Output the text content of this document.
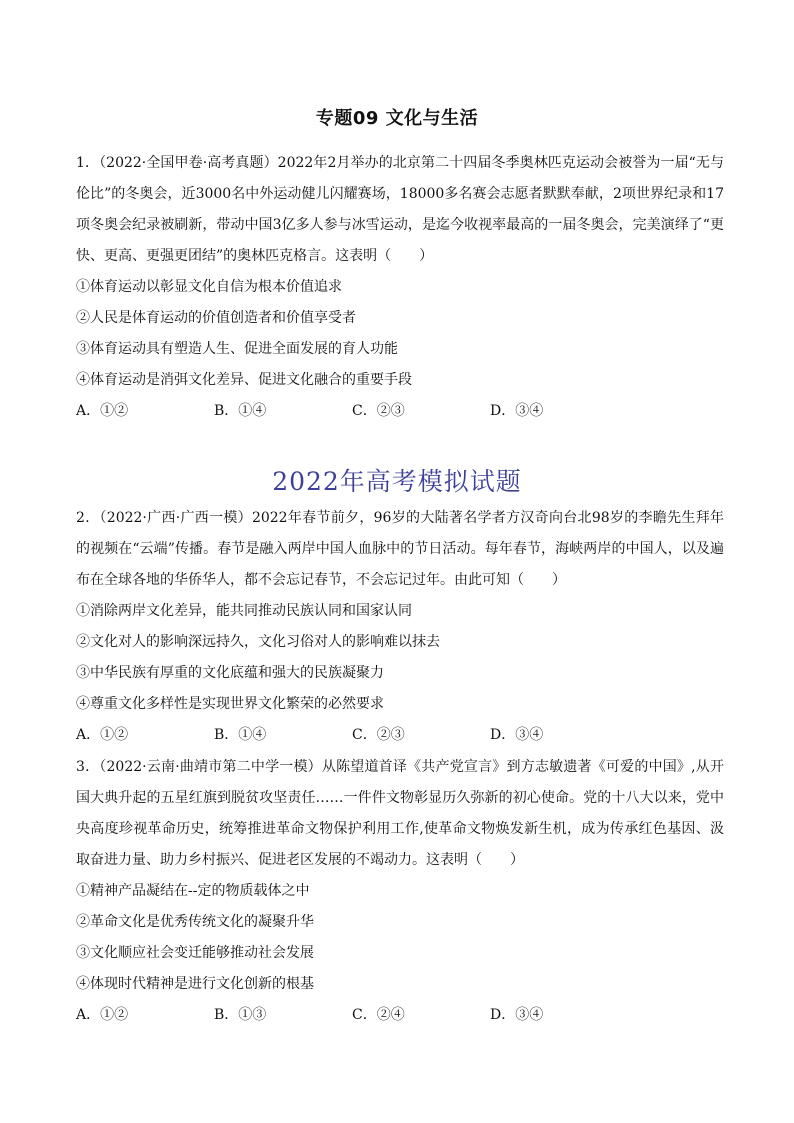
专题09 文化与生活

1．（2022·全国甲卷·高考真题）2022年2月举办的北京第二十四届冬季奥林匹克运动会被誉为一届“无与伦比”的冬奥会，近3000名中外运动健儿闪耀赛场，18000多名赛会志愿者默默奉献，2项世界纪录和17项冬奥会纪录被刷新，带动中国3亿多人参与冰雪运动，是迄今收视率最高的一届冬奥会，完美演绎了“更快、更高、更强更团结”的奥林匹克格言。这表明（　　）

①体育运动以彰显文化自信为根本价值追求

②人民是体育运动的价值创造者和价值享受者

③体育运动具有塑造人生、促进全面发展的育人功能

④体育运动是消弭文化差异、促进文化融合的重要手段

A．①②	B．①④	C．②③	D．③④
2022年高考模拟试题

2．（2022·广西·广西一模）2022年春节前夕，96岁的大陆著名学者方汉奇向台北98岁的李瞻先生拜年的视频在“云端”传播。春节是融入两岸中国人血脉中的节日活动。每年春节，海峡两岸的中国人，以及遍布在全球各地的华侨华人，都不会忘记春节，不会忘记过年。由此可知（　　）

①消除两岸文化差异，能共同推动民族认同和国家认同

②文化对人的影响深远持久，文化习俗对人的影响难以抹去

③中华民族有厚重的文化底蕴和强大的民族凝聚力

④尊重文化多样性是实现世界文化繁荣的必然要求

A．①②	B．①④	C．②③	D．③④

3．（2022·云南·曲靖市第二中学一模）从陈望道首译《共产党宣言》到方志敏遗著《可爱的中国》,从开国大典升起的五星红旗到脱贫攻坚责任……一件件文物彰显历久弥新的初心使命。党的十八大以来，党中央高度珍视革命历史，统筹推进革命文物保护利用工作,使革命文物焕发新生机，成为传承红色基因、汲取奋进力量、助力乡村振兴、促进老区发展的不竭动力。这表明（　　）

①精神产品凝结在--定的物质载体之中

②革命文化是优秀传统文化的凝聚升华

③文化顺应社会变迁能够推动社会发展

④体现时代精神是进行文化创新的根基

A．①②	B．①③	C．②④	D．③④
